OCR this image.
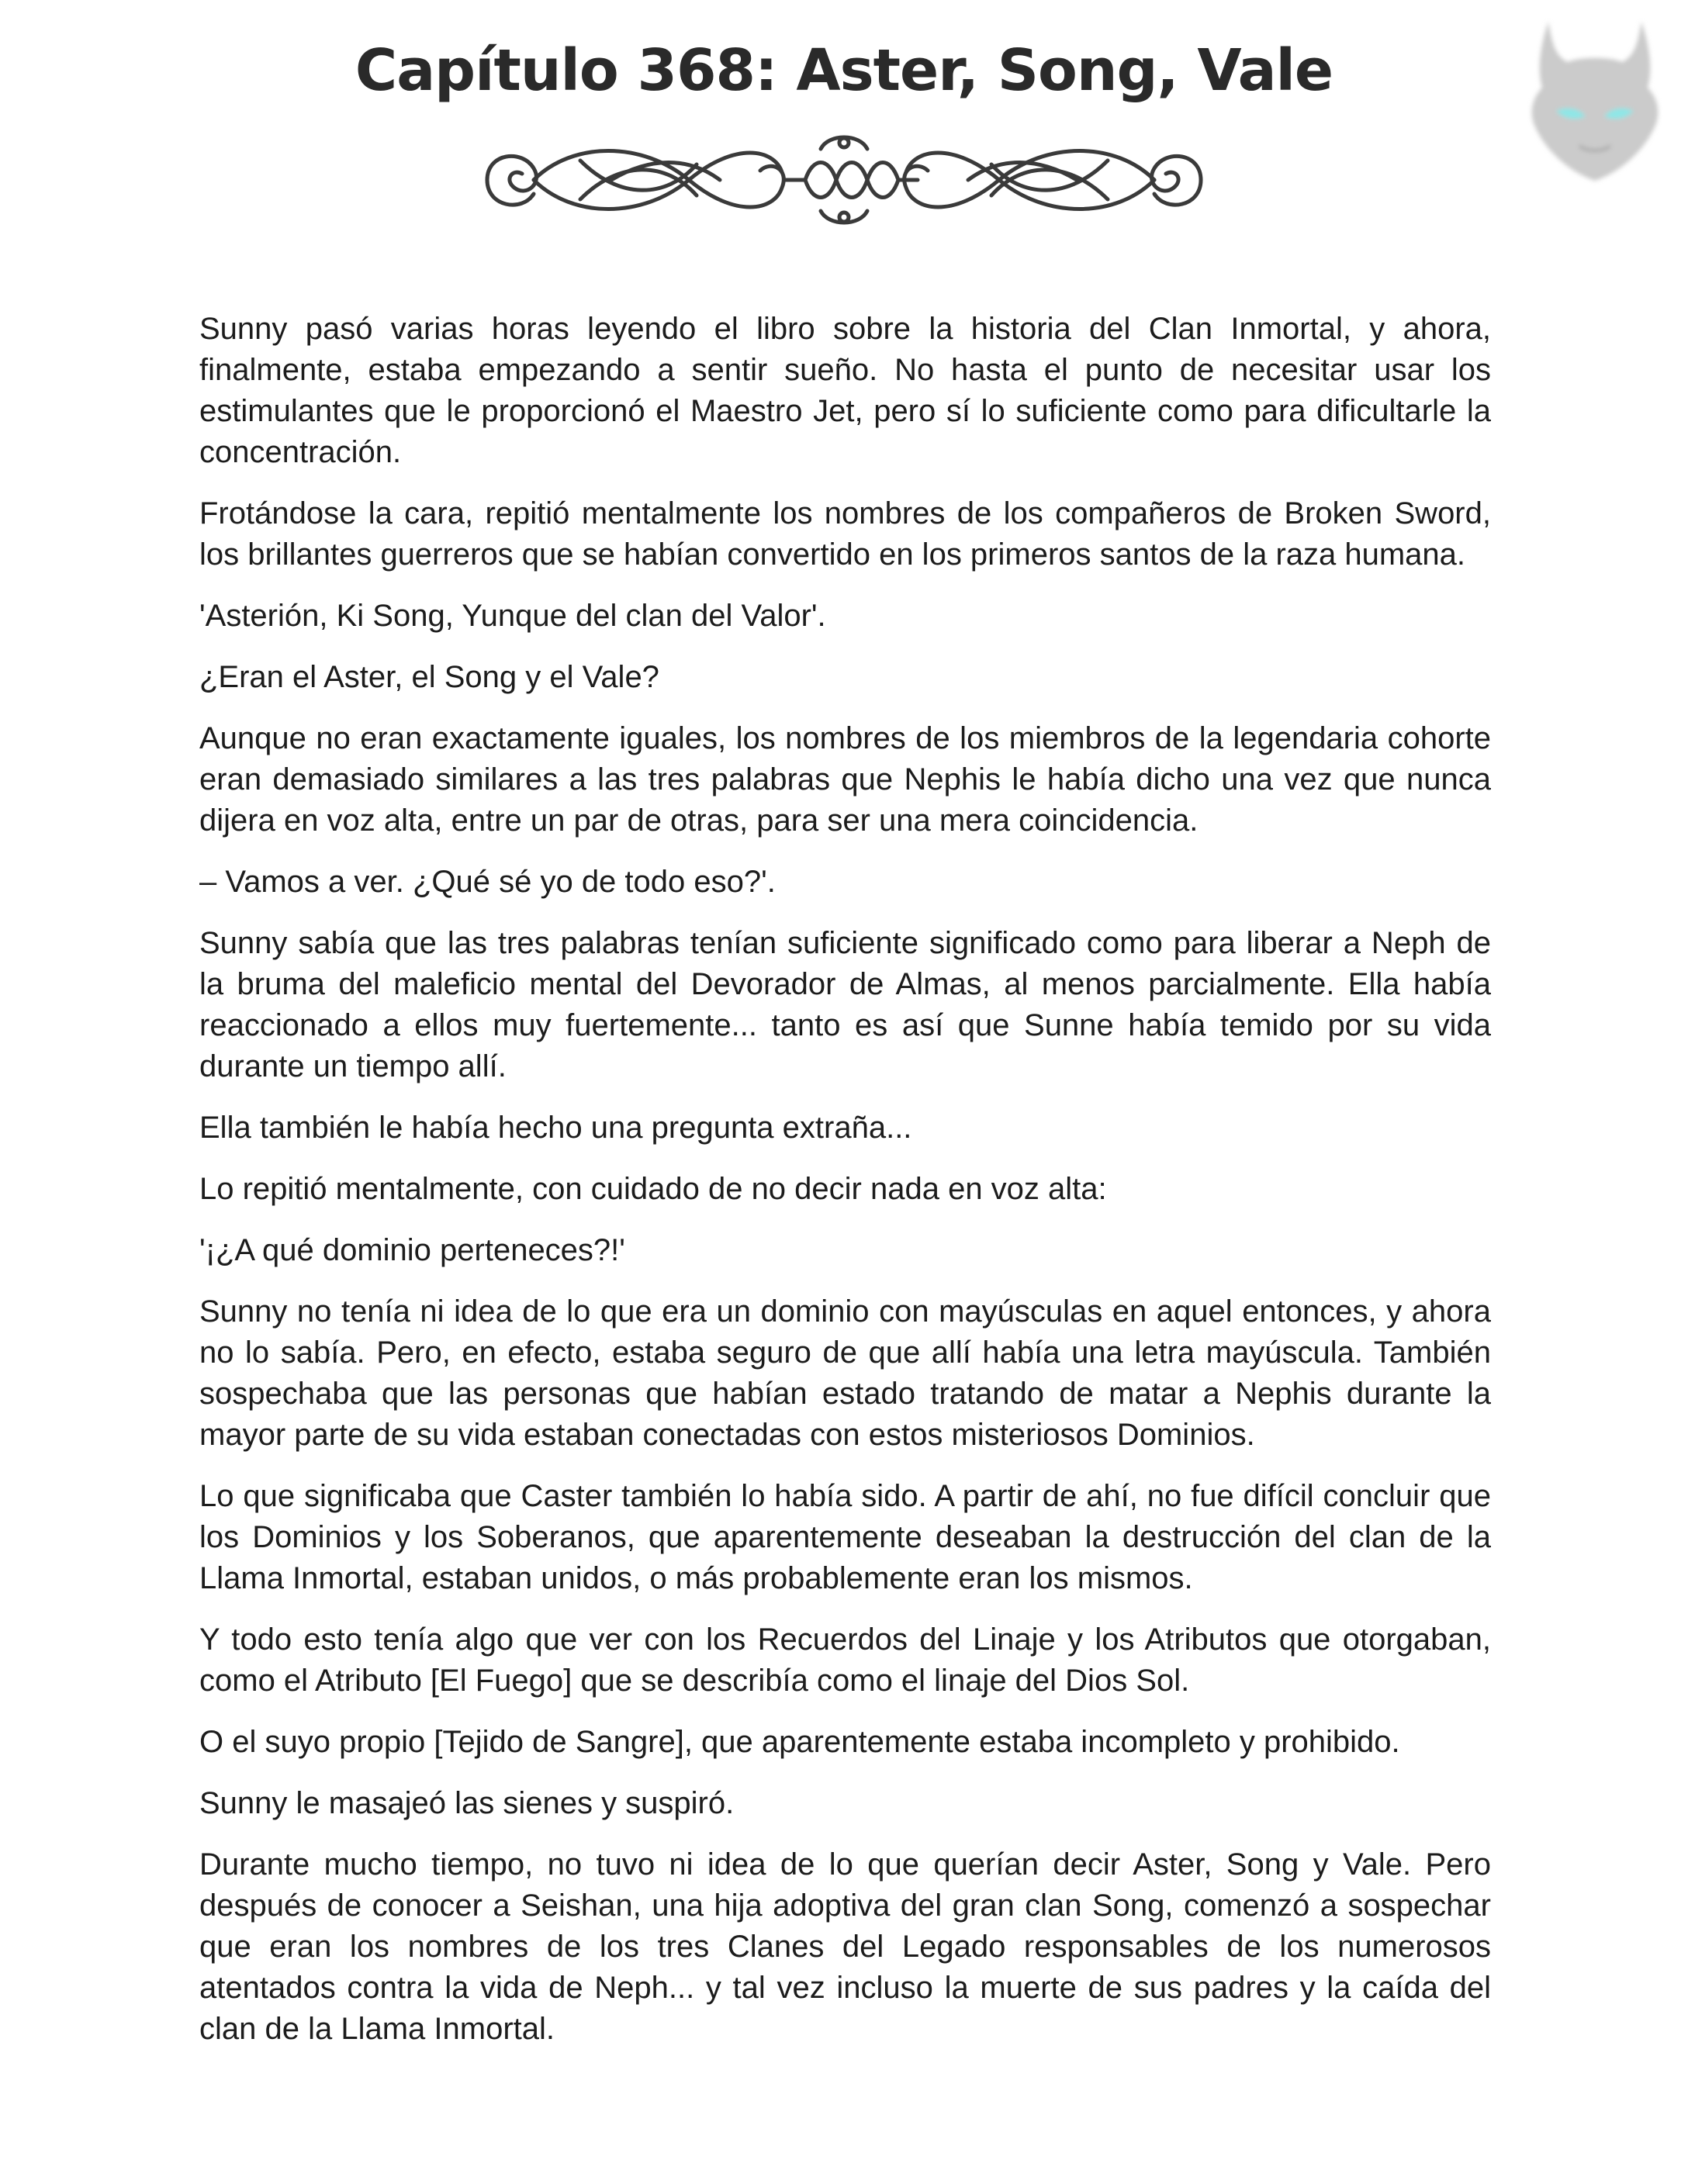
Capítulo 368: Aster, Song, Vale

Sunny pasó varias horas leyendo el libro sobre la historia del Clan Inmortal, y ahora, finalmente, estaba empezando a sentir sueño. No hasta el punto de necesitar usar los estimulantes que le proporcionó el Maestro Jet, pero sí lo suficiente como para dificultarle la concentración.

Frotándose la cara, repitió mentalmente los nombres de los compañeros de Broken Sword, los brillantes guerreros que se habían convertido en los primeros santos de la raza humana.

'Asterión, Ki Song, Yunque del clan del Valor'.

¿Eran el Aster, el Song y el Vale?

Aunque no eran exactamente iguales, los nombres de los miembros de la legendaria cohorte eran demasiado similares a las tres palabras que Nephis le había dicho una vez que nunca dijera en voz alta, entre un par de otras, para ser una mera coincidencia.

– Vamos a ver. ¿Qué sé yo de todo eso?'.

Sunny sabía que las tres palabras tenían suficiente significado como para liberar a Neph de la bruma del maleficio mental del Devorador de Almas, al menos parcialmente. Ella había reaccionado a ellos muy fuertemente... tanto es así que Sunne había temido por su vida durante un tiempo allí.

Ella también le había hecho una pregunta extraña...

Lo repitió mentalmente, con cuidado de no decir nada en voz alta:

'¡¿A qué dominio perteneces?!'

Sunny no tenía ni idea de lo que era un dominio con mayúsculas en aquel entonces, y ahora no lo sabía. Pero, en efecto, estaba seguro de que allí había una letra mayúscula. También sospechaba que las personas que habían estado tratando de matar a Nephis durante la mayor parte de su vida estaban conectadas con estos misteriosos Dominios.

Lo que significaba que Caster también lo había sido. A partir de ahí, no fue difícil concluir que los Dominios y los Soberanos, que aparentemente deseaban la destrucción del clan de la Llama Inmortal, estaban unidos, o más probablemente eran los mismos.

Y todo esto tenía algo que ver con los Recuerdos del Linaje y los Atributos que otorgaban, como el Atributo [El Fuego] que se describía como el linaje del Dios Sol.

O el suyo propio [Tejido de Sangre], que aparentemente estaba incompleto y prohibido.

Sunny le masajeó las sienes y suspiró.

Durante mucho tiempo, no tuvo ni idea de lo que querían decir Aster, Song y Vale. Pero después de conocer a Seishan, una hija adoptiva del gran clan Song, comenzó a sospechar que eran los nombres de los tres Clanes del Legado responsables de los numerosos atentados contra la vida de Neph... y tal vez incluso la muerte de sus padres y la caída del clan de la Llama Inmortal.
